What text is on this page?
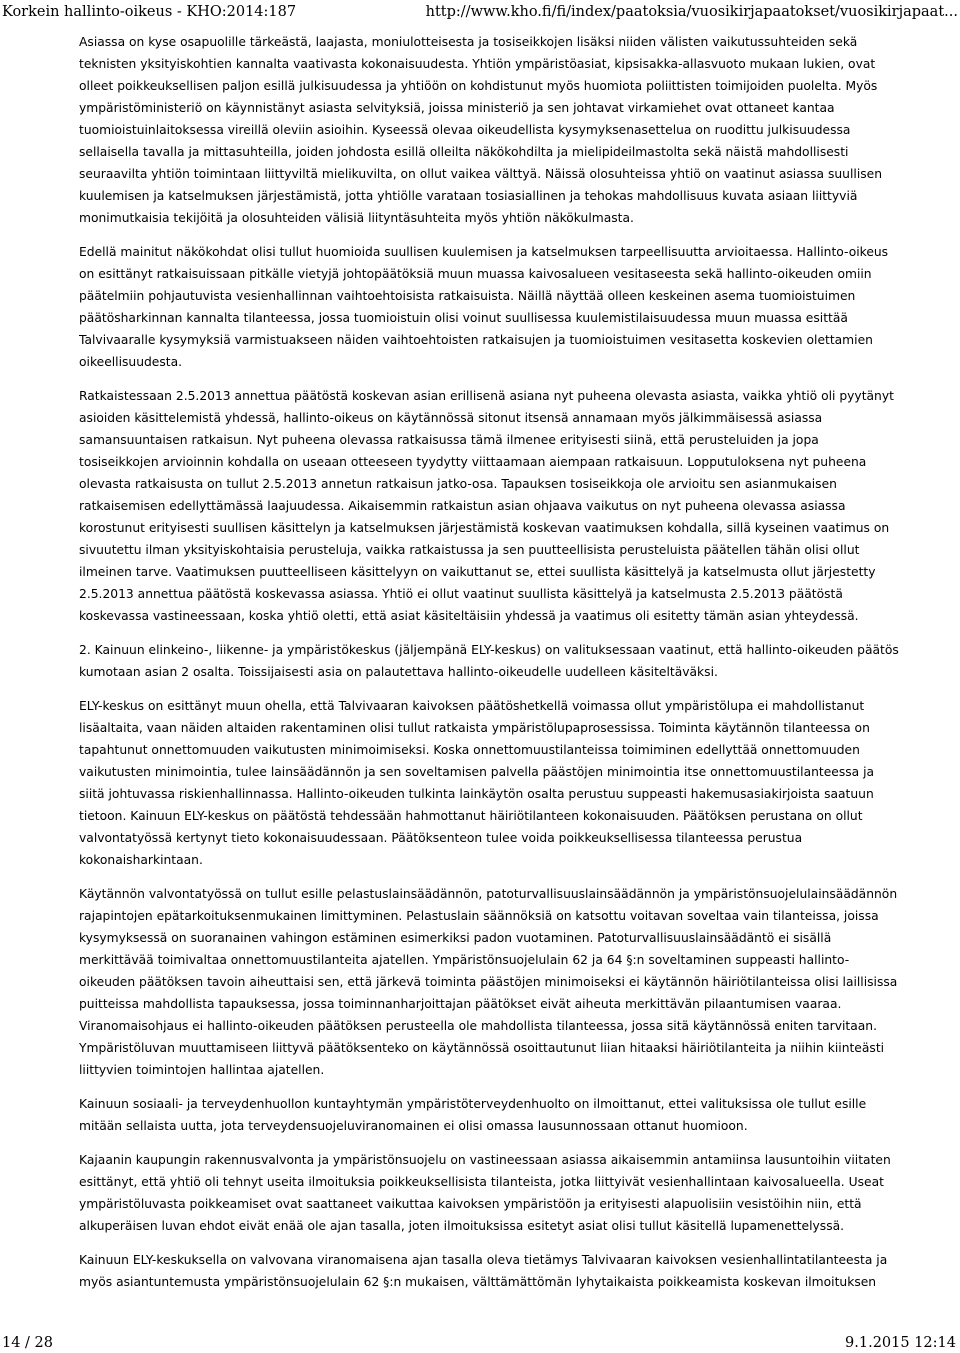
Korkein hallinto-oikeus - KHO:2014:187	http://www.kho.fi/fi/index/paatoksia/vuosikirjapaatokset/vuosikirjapaat...

Asiassa on kyse osapuolille tärkeästä, laajasta, moniulotteisesta ja tosiseikkojen lisäksi niiden välisten vaikutussuhteiden sekä teknisten yksityiskohtien kannalta vaativasta kokonaisuudesta. Yhtiön ympäristöasiat, kipsisakka-allasvuoto mukaan lukien, ovat olleet poikkeuksellisen paljon esillä julkisuudessa ja yhtiöön on kohdistunut myös huomiota poliittisten toimijoiden puolelta. Myös ympäristöministeriö on käynnistänyt asiasta selvityksiä, joissa ministeriö ja sen johtavat virkamiehet ovat ottaneet kantaa tuomioistuinlaitoksessa vireillä oleviin asioihin. Kyseessä olevaa oikeudellista kysymyksenasettelua on ruodittu julkisuudessa sellaisella tavalla ja mittasuhteilla, joiden johdosta esillä olleilta näkökohdilta ja mielipideilmastolta sekä näistä mahdollisesti seuraavilta yhtiön toimintaan liittyviltä mielikuvilta, on ollut vaikea välttyä. Näissä olosuhteissa yhtiö on vaatinut asiassa suullisen kuulemisen ja katselmuksen järjestämistä, jotta yhtiölle varataan tosiasiallinen ja tehokas mahdollisuus kuvata asiaan liittyviä monimutkaisia tekijöitä ja olosuhteiden välisiä liityntäsuhteita myös yhtiön näkökulmasta.

Edellä mainitut näkökohdat olisi tullut huomioida suullisen kuulemisen ja katselmuksen tarpeellisuutta arvioitaessa. Hallinto-oikeus on esittänyt ratkaisuissaan pitkälle vietyjä johtopäätöksiä muun muassa kaivosalueen vesitaseesta sekä hallinto-oikeuden omiin päätelmiin pohjautuvista vesienhallinnan vaihtoehtoisista ratkaisuista. Näillä näyttää olleen keskeinen asema tuomioistuimen päätösharkinnan kannalta tilanteessa, jossa tuomioistuin olisi voinut suullisessa kuulemistilaisuudessa muun muassa esittää Talvivaaralle kysymyksiä varmistuakseen näiden vaihtoehtoisten ratkaisujen ja tuomioistuimen vesitasetta koskevien olettamien oikeellisuudesta.

Ratkaistessaan 2.5.2013 annettua päätöstä koskevan asian erillisenä asiana nyt puheena olevasta asiasta, vaikka yhtiö oli pyytänyt asioiden käsittelemistä yhdessä, hallinto-oikeus on käytännössä sitonut itsensä annamaan myös jälkimmäisessä asiassa samansuuntaisen ratkaisun. Nyt puheena olevassa ratkaisussa tämä ilmenee erityisesti siinä, että perusteluiden ja jopa tosiseikkojen arvioinnin kohdalla on useaan otteeseen tyydytty viittaamaan aiempaan ratkaisuun. Lopputuloksena nyt puheena olevasta ratkaisusta on tullut 2.5.2013 annetun ratkaisun jatko-osa. Tapauksen tosiseikkoja ole arvioitu sen asianmukaisen ratkaisemisen edellyttämässä laajuudessa. Aikaisemmin ratkaistun asian ohjaava vaikutus on nyt puheena olevassa asiassa korostunut erityisesti suullisen käsittelyn ja katselmuksen järjestämistä koskevan vaatimuksen kohdalla, sillä kyseinen vaatimus on sivuutettu ilman yksityiskohtaisia perusteluja, vaikka ratkaistussa ja sen puutteellisista perusteluista päätellen tähän olisi ollut ilmeinen tarve. Vaatimuksen puutteelliseen käsittelyyn on vaikuttanut se, ettei suullista käsittelyä ja katselmusta ollut järjestetty 2.5.2013 annettua päätöstä koskevassa asiassa. Yhtiö ei ollut vaatinut suullista käsittelyä ja katselmusta 2.5.2013 päätöstä koskevassa vastineessaan, koska yhtiö oletti, että asiat käsiteltäisiin yhdessä ja vaatimus oli esitetty tämän asian yhteydessä.

2. Kainuun elinkeino-, liikenne- ja ympäristökeskus (jäljempänä ELY-keskus) on valituksessaan vaatinut, että hallinto-oikeuden päätös kumotaan asian 2 osalta. Toissijaisesti asia on palautettava hallinto-oikeudelle uudelleen käsiteltäväksi.

ELY-keskus on esittänyt muun ohella, että Talvivaaran kaivoksen päätöshetkellä voimassa ollut ympäristölupa ei mahdollistanut lisäaltaita, vaan näiden altaiden rakentaminen olisi tullut ratkaista ympäristölupaprosessissa. Toiminta käytännön tilanteessa on tapahtunut onnettomuuden vaikutusten minimoimiseksi. Koska onnettomuustilanteissa toimiminen edellyttää onnettomuuden vaikutusten minimointia, tulee lainsäädännön ja sen soveltamisen palvella päästöjen minimointia itse onnettomuustilanteessa ja siitä johtuvassa riskienhallinnassa. Hallinto-oikeuden tulkinta lainkäytön osalta perustuu suppeasti hakemusasiakirjoista saatuun tietoon. Kainuun ELY-keskus on päätöstä tehdessään hahmottanut häiriötilanteen kokonaisuuden. Päätöksen perustana on ollut valvontatyössä kertynyt tieto kokonaisuudessaan. Päätöksenteon tulee voida poikkeuksellisessa tilanteessa perustua kokonaisharkintaan.

Käytännön valvontatyössä on tullut esille pelastuslainsäädännön, patoturvallisuuslainsäädännön ja ympäristönsuojelulainsäädännön rajapintojen epätarkoituksenmukainen limittyminen. Pelastuslain säännöksiä on katsottu voitavan soveltaa vain tilanteissa, joissa kysymyksessä on suoranainen vahingon estäminen esimerkiksi padon vuotaminen. Patoturvallisuuslainsäädäntö ei sisällä merkittävää toimivaltaa onnettomuustilanteita ajatellen. Ympäristönsuojelulain 62 ja 64 §:n soveltaminen suppeasti hallinto-oikeuden päätöksen tavoin aiheuttaisi sen, että järkevä toiminta päästöjen minimoiseksi ei käytännön häiriötilanteissa olisi laillisissa puitteissa mahdollista tapauksessa, jossa toiminnanharjoittajan päätökset eivät aiheuta merkittävän pilaantumisen vaaraa. Viranomaisohjaus ei hallinto-oikeuden päätöksen perusteella ole mahdollista tilanteessa, jossa sitä käytännössä eniten tarvitaan. Ympäristöluvan muuttamiseen liittyvä päätöksenteko on käytännössä osoittautunut liian hitaaksi häiriötilanteita ja niihin kiinteästi liittyvien toimintojen hallintaa ajatellen.

Kainuun sosiaali- ja terveydenhuollon kuntayhtymän ympäristöterveydenhuolto on ilmoittanut, ettei valituksissa ole tullut esille mitään sellaista uutta, jota terveydensuojeluviranomainen ei olisi omassa lausunnossaan ottanut huomioon.

Kajaanin kaupungin rakennusvalvonta ja ympäristönsuojelu on vastineessaan asiassa aikaisemmin antamiinsa lausuntoihin viitaten esittänyt, että yhtiö oli tehnyt useita ilmoituksia poikkeuksellisista tilanteista, jotka liittyivät vesienhallintaan kaivosalueella. Useat ympäristöluvasta poikkeamiset ovat saattaneet vaikuttaa kaivoksen ympäristöön ja erityisesti alapuolisiin vesistöihin niin, että alkuperäisen luvan ehdot eivät enää ole ajan tasalla, joten ilmoituksissa esitetyt asiat olisi tullut käsitellä lupamenettelyssä.

Kainuun ELY-keskuksella on valvovana viranomaisena ajan tasalla oleva tietämys Talvivaaran kaivoksen vesienhallintatilanteesta ja myös asiantuntemusta ympäristönsuojelulain 62 §:n mukaisen, välttämättömän lyhytaikaista poikkeamista koskevan ilmoituksen

14 / 28	9.1.2015 12:14
